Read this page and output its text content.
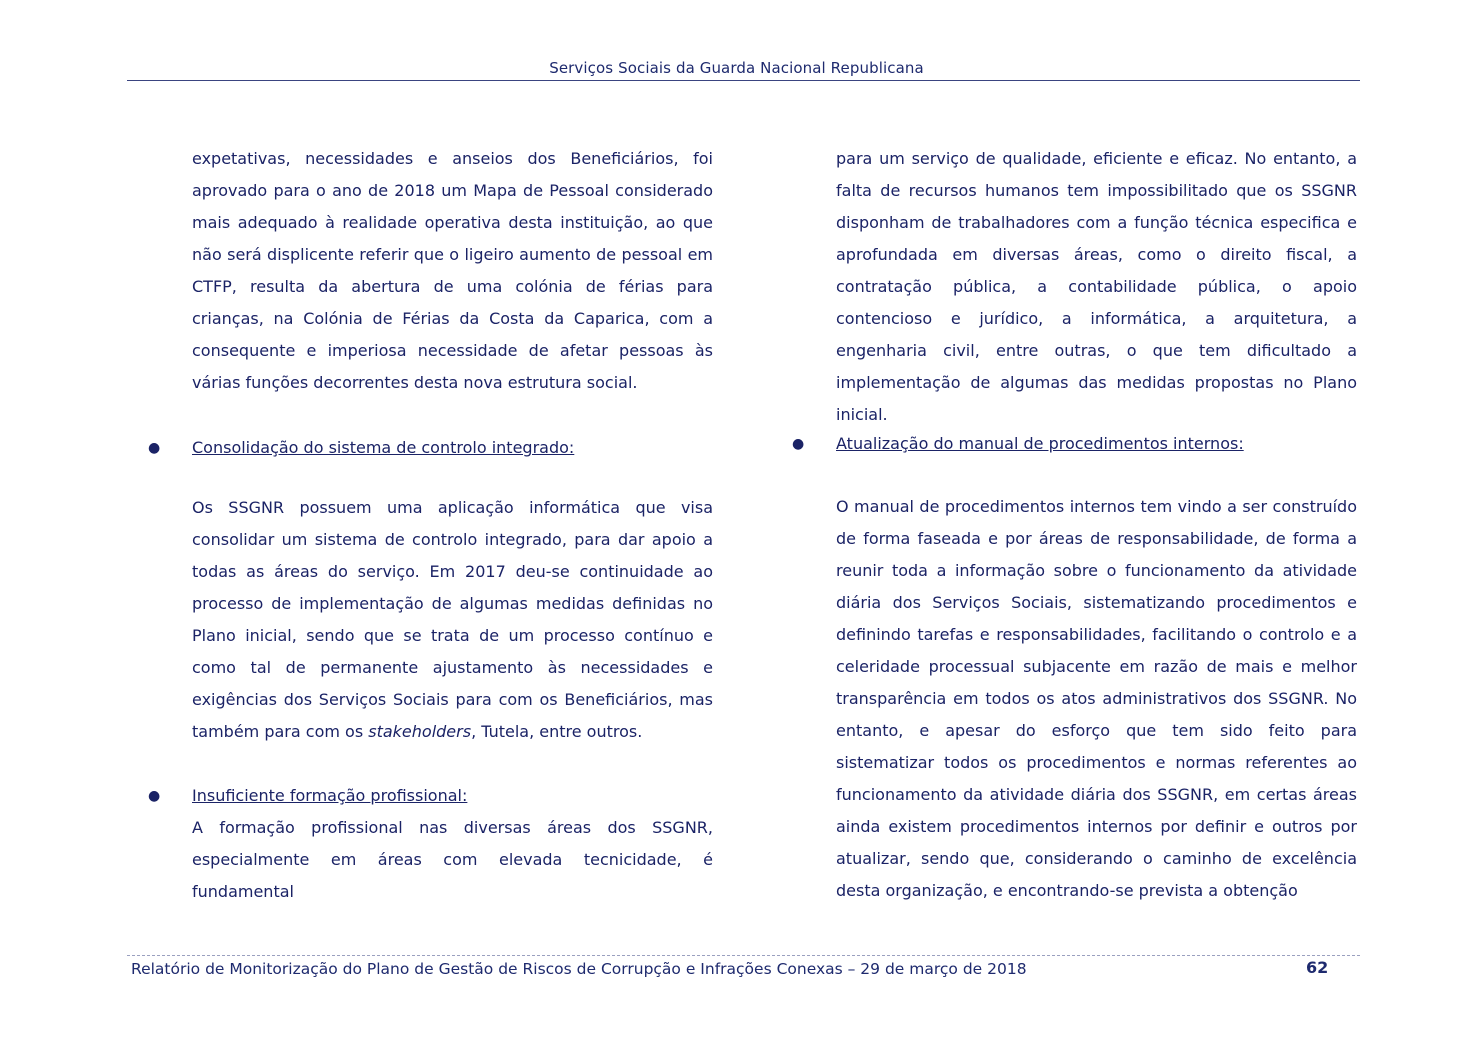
Serviços Sociais da Guarda Nacional Republicana

expetativas, necessidades e anseios dos Beneficiários, foi aprovado para o ano de 2018 um Mapa de Pessoal considerado mais adequado à realidade operativa desta instituição, ao que não será displicente referir que o ligeiro aumento de pessoal em CTFP, resulta da abertura de uma colónia de férias para crianças, na Colónia de Férias da Costa da Caparica, com a consequente e imperiosa necessidade de afetar pessoas às várias funções decorrentes desta nova estrutura social.

● Consolidação do sistema de controlo integrado:

Os SSGNR possuem uma aplicação informática que visa consolidar um sistema de controlo integrado, para dar apoio a todas as áreas do serviço. Em 2017 deu-se continuidade ao processo de implementação de algumas medidas definidas no Plano inicial, sendo que se trata de um processo contínuo e como tal de permanente ajustamento às necessidades e exigências dos Serviços Sociais para com os Beneficiários, mas também para com os stakeholders, Tutela, entre outros.

● Insuficiente formação profissional:

A formação profissional nas diversas áreas dos SSGNR, especialmente em áreas com elevada tecnicidade, é fundamental

para um serviço de qualidade, eficiente e eficaz. No entanto, a falta de recursos humanos tem impossibilitado que os SSGNR disponham de trabalhadores com a função técnica especifica e aprofundada em diversas áreas, como o direito fiscal, a contratação pública, a contabilidade pública, o apoio contencioso e jurídico, a informática, a arquitetura, a engenharia civil, entre outras, o que tem dificultado a implementação de algumas das medidas propostas no Plano inicial.

● Atualização do manual de procedimentos internos:

O manual de procedimentos internos tem vindo a ser construído de forma faseada e por áreas de responsabilidade, de forma a reunir toda a informação sobre o funcionamento da atividade diária dos Serviços Sociais, sistematizando procedimentos e definindo tarefas e responsabilidades, facilitando o controlo e a celeridade processual subjacente em razão de mais e melhor transparência em todos os atos administrativos dos SSGNR. No entanto, e apesar do esforço que tem sido feito para sistematizar todos os procedimentos e normas referentes ao funcionamento da atividade diária dos SSGNR, em certas áreas ainda existem procedimentos internos por definir e outros por atualizar, sendo que, considerando o caminho de excelência desta organização, e encontrando-se prevista a obtenção

Relatório de Monitorização do Plano de Gestão de Riscos de Corrupção e Infrações Conexas – 29 de março de 2018	62
